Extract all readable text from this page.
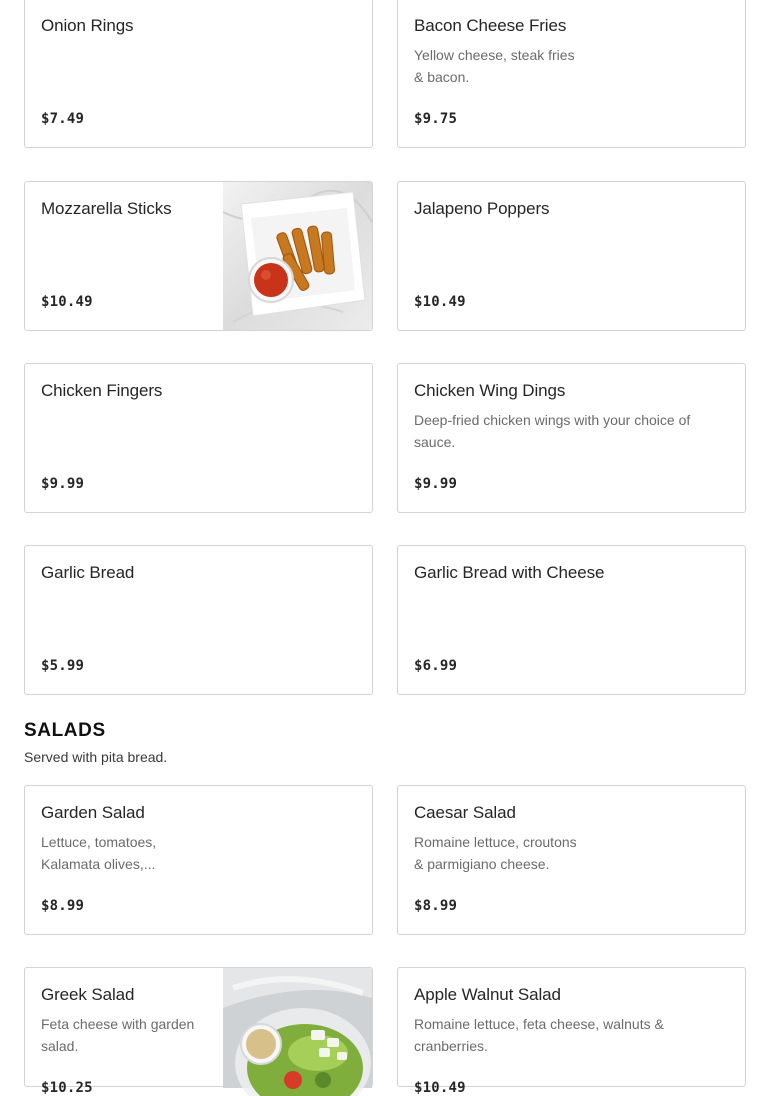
Onion Rings
$7.49
Bacon Cheese Fries
Yellow cheese, steak fries & bacon.
$9.75
Mozzarella Sticks
$10.49
Jalapeno Poppers
$10.49
Chicken Fingers
$9.99
Chicken Wing Dings
Deep-fried chicken wings with your choice of sauce.
$9.99
Garlic Bread
$5.99
Garlic Bread with Cheese
$6.99
SALADS
Served with pita bread.
Garden Salad
Lettuce, tomatoes, Kalamata olives,...
$8.99
Caesar Salad
Romaine lettuce, croutons & parmigiano cheese.
$8.99
Greek Salad
Feta cheese with garden salad.
$10.25
Apple Walnut Salad
Romaine lettuce, feta cheese, walnuts & cranberries.
$10.49
